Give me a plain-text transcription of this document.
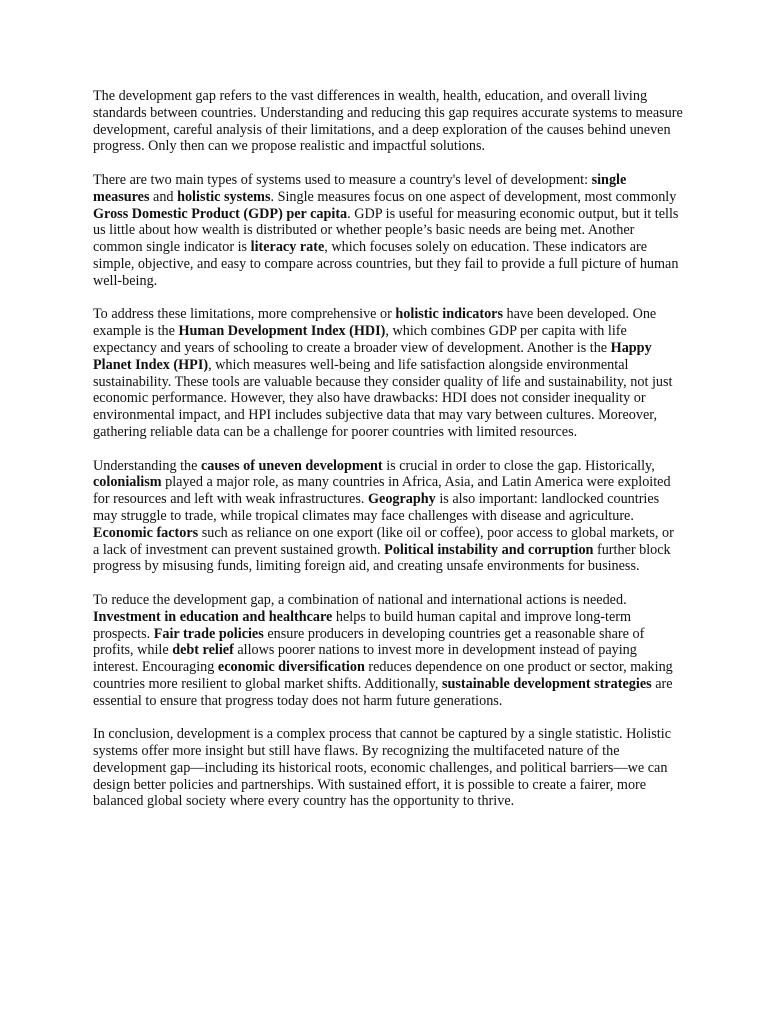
The development gap refers to the vast differences in wealth, health, education, and overall living standards between countries. Understanding and reducing this gap requires accurate systems to measure development, careful analysis of their limitations, and a deep exploration of the causes behind uneven progress. Only then can we propose realistic and impactful solutions.

There are two main types of systems used to measure a country's level of development: single measures and holistic systems. Single measures focus on one aspect of development, most commonly Gross Domestic Product (GDP) per capita. GDP is useful for measuring economic output, but it tells us little about how wealth is distributed or whether people’s basic needs are being met. Another common single indicator is literacy rate, which focuses solely on education. These indicators are simple, objective, and easy to compare across countries, but they fail to provide a full picture of human well-being.

To address these limitations, more comprehensive or holistic indicators have been developed. One example is the Human Development Index (HDI), which combines GDP per capita with life expectancy and years of schooling to create a broader view of development. Another is the Happy Planet Index (HPI), which measures well-being and life satisfaction alongside environmental sustainability. These tools are valuable because they consider quality of life and sustainability, not just economic performance. However, they also have drawbacks: HDI does not consider inequality or environmental impact, and HPI includes subjective data that may vary between cultures. Moreover, gathering reliable data can be a challenge for poorer countries with limited resources.

Understanding the causes of uneven development is crucial in order to close the gap. Historically, colonialism played a major role, as many countries in Africa, Asia, and Latin America were exploited for resources and left with weak infrastructures. Geography is also important: landlocked countries may struggle to trade, while tropical climates may face challenges with disease and agriculture. Economic factors such as reliance on one export (like oil or coffee), poor access to global markets, or a lack of investment can prevent sustained growth. Political instability and corruption further block progress by misusing funds, limiting foreign aid, and creating unsafe environments for business.

To reduce the development gap, a combination of national and international actions is needed. Investment in education and healthcare helps to build human capital and improve long-term prospects. Fair trade policies ensure producers in developing countries get a reasonable share of profits, while debt relief allows poorer nations to invest more in development instead of paying interest. Encouraging economic diversification reduces dependence on one product or sector, making countries more resilient to global market shifts. Additionally, sustainable development strategies are essential to ensure that progress today does not harm future generations.

In conclusion, development is a complex process that cannot be captured by a single statistic. Holistic systems offer more insight but still have flaws. By recognizing the multifaceted nature of the development gap—including its historical roots, economic challenges, and political barriers—we can design better policies and partnerships. With sustained effort, it is possible to create a fairer, more balanced global society where every country has the opportunity to thrive.
